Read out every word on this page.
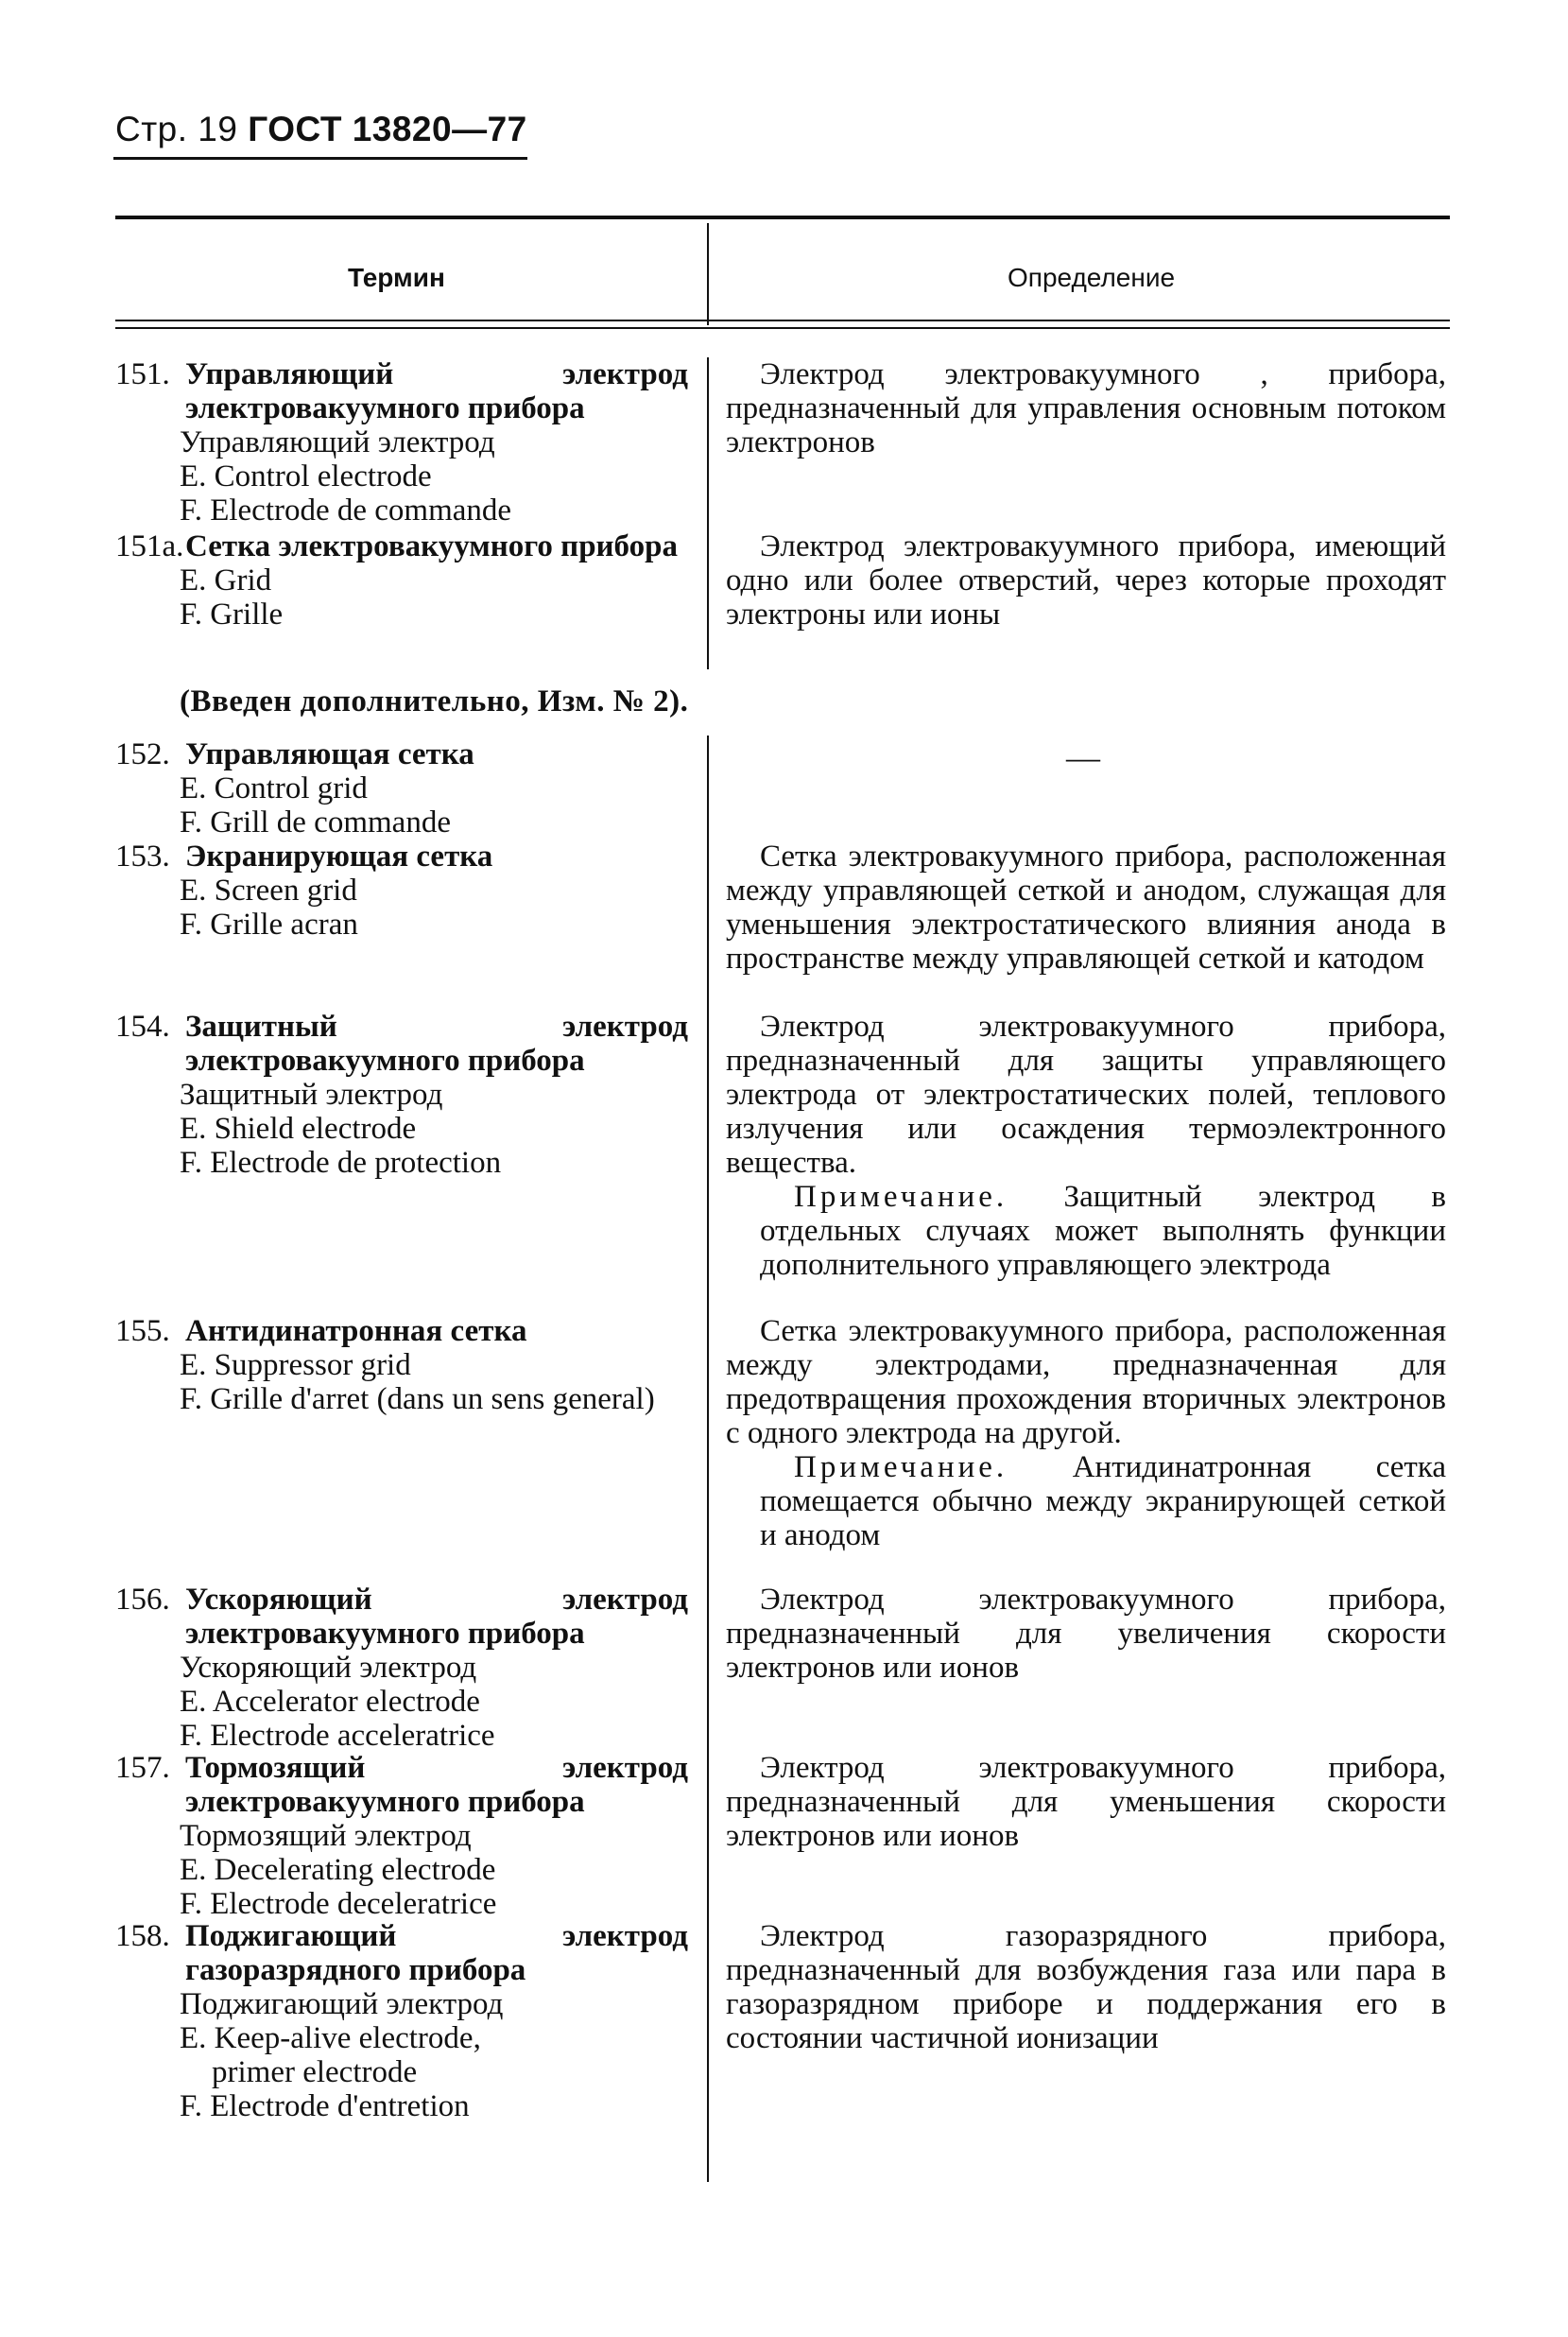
Стр. 19 ГОСТ 13820—77
Термин	Определение
151. Управляющий электрод электровакуумного прибора
Управляющий электрод
E. Control electrode
F. Electrode de commande
Электрод электровакуумного , прибора, предназначенный для управления основным потоком электронов
151а. Сетка электровакуумного прибора
E. Grid
F. Grille
Электрод электровакуумного прибора, имеющий одно или более отверстий, через которые проходят электроны или ионы
(Введен дополнительно, Изм. № 2).
152. Управляющая сетка
E. Control grid
F. Grill de commande
—
153. Экранирующая сетка
E. Screen grid
F. Grille acran
Сетка электровакуумного прибора, расположенная между управляющей сеткой и анодом, служащая для уменьшения электростатического влияния анода в пространстве между управляющей сеткой и катодом
154. Защитный электрод электровакуумного прибора
Защитный электрод
E. Shield electrode
F. Electrode de protection
Электрод электровакуумного прибора, предназначенный для защиты управляющего электрода от электростатических полей, теплового излучения или осаждения термоэлектронного вещества.
Примечание. Защитный электрод в отдельных случаях может выполнять функции дополнительного управляющего электрода
155. Антидинатронная сетка
E. Suppressor grid
F. Grille d'arret (dans un sens general)
Сетка электровакуумного прибора, расположенная между электродами, предназначенная для предотвращения прохождения вторичных электронов с одного электрода на другой.
Примечание. Антидинатронная сетка помещается обычно между экранирующей сеткой и анодом
156. Ускоряющий электрод электровакуумного прибора
Ускоряющий электрод
E. Accelerator electrode
F. Electrode acceleratrice
Электрод электровакуумного прибора, предназначенный для увеличения скорости электронов или ионов
157. Тормозящий электрод электровакуумного прибора
Тормозящий электрод
E. Decelerating electrode
F. Electrode deceleratrice
Электрод электровакуумного прибора, предназначенный для уменьшения скорости электронов или ионов
158. Поджигающий электрод газоразрядного прибора
Поджигающий электрод
E. Keep-alive electrode,
primer electrode
F. Electrode d'entretion
Электрод газоразрядного прибора, предназначенный для возбуждения газа или пара в газоразрядном приборе и поддержания его в состоянии частичной ионизации
